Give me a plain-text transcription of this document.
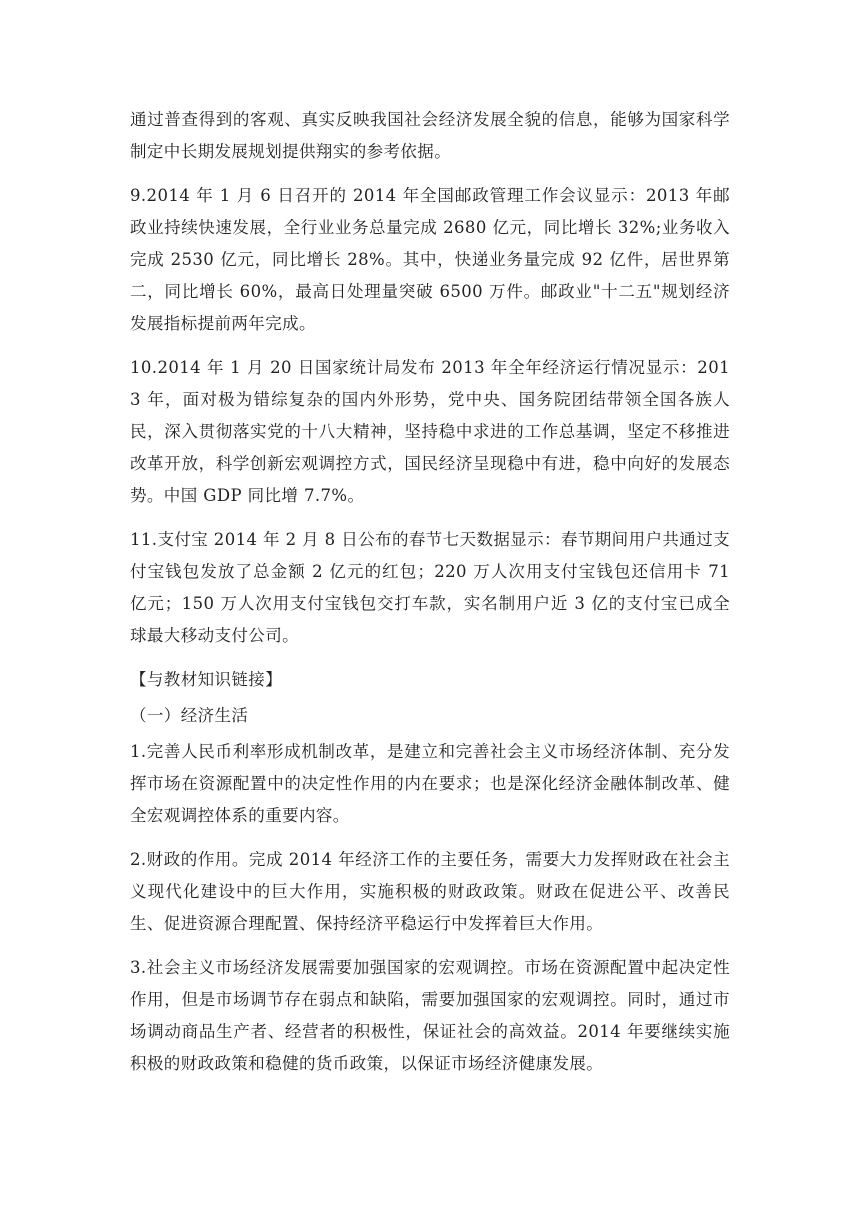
通过普查得到的客观、真实反映我国社会经济发展全貌的信息，能够为国家科学制定中长期发展规划提供翔实的参考依据。

9.2014 年 1 月 6 日召开的 2014 年全国邮政管理工作会议显示：2013 年邮政业持续快速发展，全行业业务总量完成 2680 亿元，同比增长 32%;业务收入完成 2530 亿元，同比增长 28%。其中，快递业务量完成 92 亿件，居世界第二，同比增长 60%，最高日处理量突破 6500 万件。邮政业"十二五"规划经济发展指标提前两年完成。

10.2014 年 1 月 20 日国家统计局发布 2013 年全年经济运行情况显示：2013 年，面对极为错综复杂的国内外形势，党中央、国务院团结带领全国各族人民，深入贯彻落实党的十八大精神，坚持稳中求进的工作总基调，坚定不移推进改革开放，科学创新宏观调控方式，国民经济呈现稳中有进，稳中向好的发展态势。中国 GDP 同比增 7.7%。

11.支付宝 2014 年 2 月 8 日公布的春节七天数据显示：春节期间用户共通过支付宝钱包发放了总金额 2 亿元的红包；220 万人次用支付宝钱包还信用卡 71 亿元；150 万人次用支付宝钱包交打车款，实名制用户近 3 亿的支付宝已成全球最大移动支付公司。

【与教材知识链接】

（一）经济生活

1.完善人民币利率形成机制改革，是建立和完善社会主义市场经济体制、充分发挥市场在资源配置中的决定性作用的内在要求；也是深化经济金融体制改革、健全宏观调控体系的重要内容。

2.财政的作用。完成 2014 年经济工作的主要任务，需要大力发挥财政在社会主义现代化建设中的巨大作用，实施积极的财政政策。财政在促进公平、改善民生、促进资源合理配置、保持经济平稳运行中发挥着巨大作用。

3.社会主义市场经济发展需要加强国家的宏观调控。市场在资源配置中起决定性作用，但是市场调节存在弱点和缺陷，需要加强国家的宏观调控。同时，通过市场调动商品生产者、经营者的积极性，保证社会的高效益。2014 年要继续实施积极的财政政策和稳健的货币政策，以保证市场经济健康发展。
